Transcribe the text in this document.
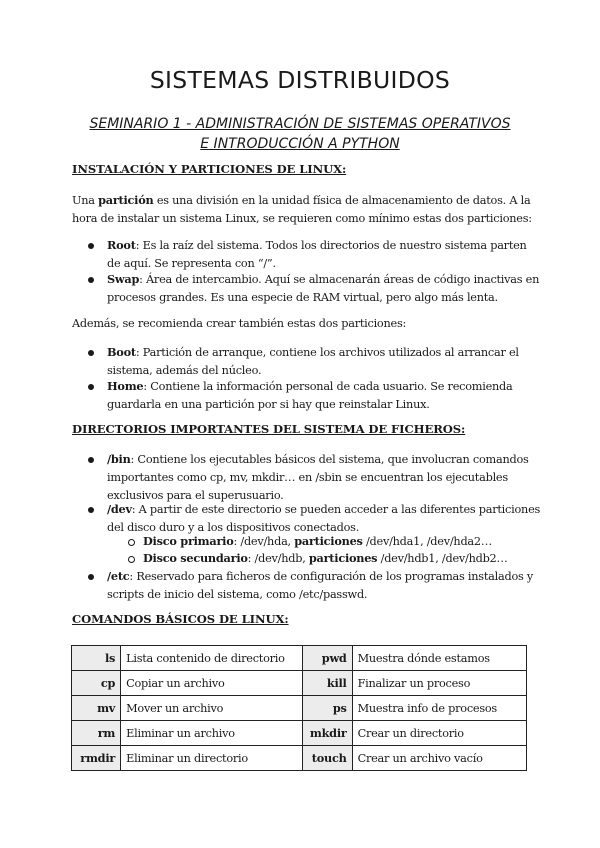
SISTEMAS DISTRIBUIDOS
SEMINARIO 1 - ADMINISTRACIÓN DE SISTEMAS OPERATIVOS
E INTRODUCCIÓN A PYTHON
INSTALACIÓN Y PARTICIONES DE LINUX:
Una partición es una división en la unidad física de almacenamiento de datos. A la
hora de instalar un sistema Linux, se requieren como mínimo estas dos particiones:
Root: Es la raíz del sistema. Todos los directorios de nuestro sistema parten
de aquí. Se representa con “/”.
Swap: Área de intercambio. Aquí se almacenarán áreas de código inactivas en
procesos grandes. Es una especie de RAM virtual, pero algo más lenta.
Además, se recomienda crear también estas dos particiones:
Boot: Partición de arranque, contiene los archivos utilizados al arrancar el
sistema, además del núcleo.
Home: Contiene la información personal de cada usuario. Se recomienda
guardarla en una partición por si hay que reinstalar Linux.
DIRECTORIOS IMPORTANTES DEL SISTEMA DE FICHEROS:
/bin: Contiene los ejecutables básicos del sistema, que involucran comandos
importantes como cp, mv, mkdir… en /sbin se encuentran los ejecutables
exclusivos para el superusuario.
/dev: A partir de este directorio se pueden acceder a las diferentes particiones
del disco duro y a los dispositivos conectados.
Disco primario: /dev/hda, particiones /dev/hda1, /dev/hda2…
Disco secundario: /dev/hdb, particiones /dev/hdb1, /dev/hdb2…
/etc: Reservado para ficheros de configuración de los programas instalados y
scripts de inicio del sistema, como /etc/passwd.
COMANDOS BÁSICOS DE LINUX:
ls	Lista contenido de directorio	pwd	Muestra dónde estamos
cp	Copiar un archivo	kill	Finalizar un proceso
mv	Mover un archivo	ps	Muestra info de procesos
rm	Eliminar un archivo	mkdir	Crear un directorio
rmdir	Eliminar un directorio	touch	Crear un archivo vacío
